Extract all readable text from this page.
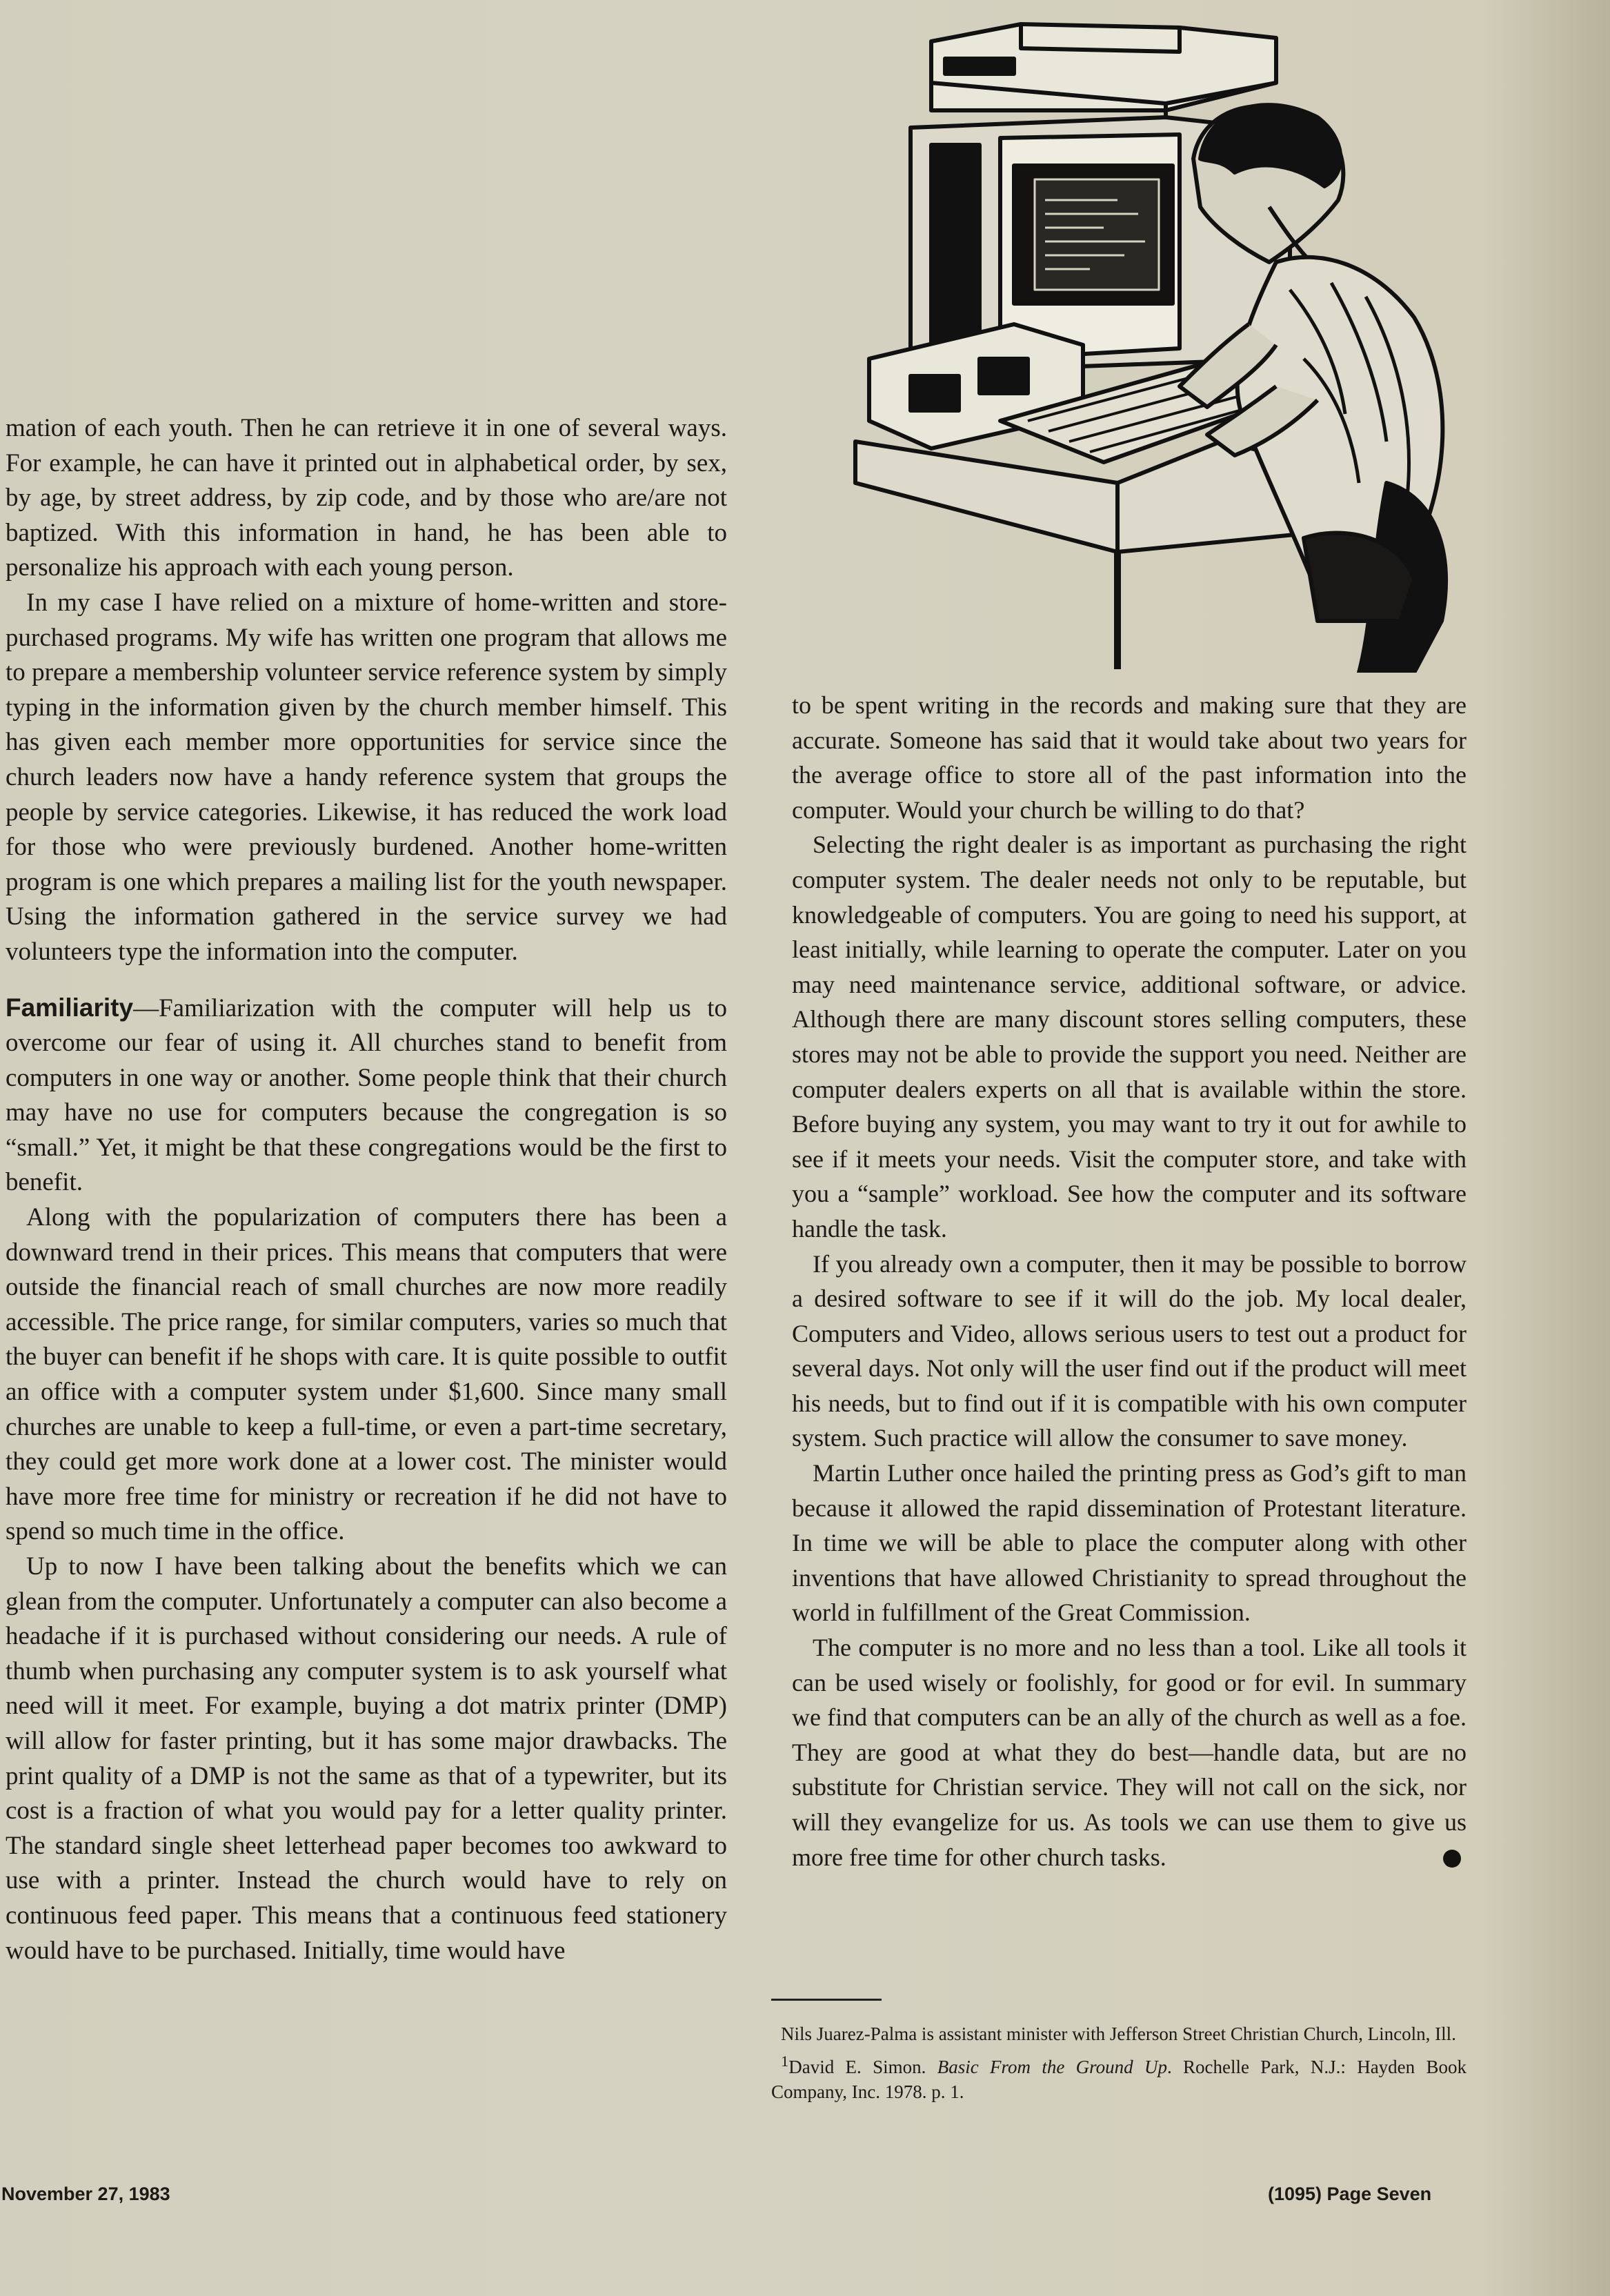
mation of each youth. Then he can retrieve it in one of several ways. For example, he can have it printed out in alphabetical order, by sex, by age, by street address, by zip code, and by those who are/are not baptized. With this information in hand, he has been able to personalize his approach with each young person.

In my case I have relied on a mixture of home-written and store-purchased programs. My wife has written one program that allows me to prepare a membership volunteer service reference system by simply typing in the information given by the church member himself. This has given each member more opportunities for service since the church leaders now have a handy reference system that groups the people by service categories. Likewise, it has reduced the work load for those who were previously burdened. Another home-written program is one which prepares a mailing list for the youth newspaper. Using the information gathered in the service survey we had volunteers type the information into the computer.

Familiarity—Familiarization with the computer will help us to overcome our fear of using it. All churches stand to benefit from computers in one way or another. Some people think that their church may have no use for computers because the congregation is so “small.” Yet, it might be that these congregations would be the first to benefit.

Along with the popularization of computers there has been a downward trend in their prices. This means that computers that were outside the financial reach of small churches are now more readily accessible. The price range, for similar computers, varies so much that the buyer can benefit if he shops with care. It is quite possible to outfit an office with a computer system under $1,600. Since many small churches are unable to keep a full-time, or even a part-time secretary, they could get more work done at a lower cost. The minister would have more free time for ministry or recreation if he did not have to spend so much time in the office.

Up to now I have been talking about the benefits which we can glean from the computer. Unfortunately a computer can also become a headache if it is purchased without considering our needs. A rule of thumb when purchasing any computer system is to ask yourself what need will it meet. For example, buying a dot matrix printer (DMP) will allow for faster printing, but it has some major drawbacks. The print quality of a DMP is not the same as that of a typewriter, but its cost is a fraction of what you would pay for a letter quality printer. The standard single sheet letterhead paper becomes too awkward to use with a printer. Instead the church would have to rely on continuous feed paper. This means that a continuous feed stationery would have to be purchased. Initially, time would have

to be spent writing in the records and making sure that they are accurate. Someone has said that it would take about two years for the average office to store all of the past information into the computer. Would your church be willing to do that?

Selecting the right dealer is as important as purchasing the right computer system. The dealer needs not only to be reputable, but knowledgeable of computers. You are going to need his support, at least initially, while learning to operate the computer. Later on you may need maintenance service, additional software, or advice. Although there are many discount stores selling computers, these stores may not be able to provide the support you need. Neither are computer dealers experts on all that is available within the store. Before buying any system, you may want to try it out for awhile to see if it meets your needs. Visit the computer store, and take with you a “sample” workload. See how the computer and its software handle the task.

If you already own a computer, then it may be possible to borrow a desired software to see if it will do the job. My local dealer, Computers and Video, allows serious users to test out a product for several days. Not only will the user find out if the product will meet his needs, but to find out if it is compatible with his own computer system. Such practice will allow the consumer to save money.

Martin Luther once hailed the printing press as God’s gift to man because it allowed the rapid dissemination of Protestant literature. In time we will be able to place the computer along with other inventions that have allowed Christianity to spread throughout the world in fulfillment of the Great Commission.

The computer is no more and no less than a tool. Like all tools it can be used wisely or foolishly, for good or for evil. In summary we find that computers can be an ally of the church as well as a foe. They are good at what they do best—handle data, but are no substitute for Christian service. They will not call on the sick, nor will they evangelize for us. As tools we can use them to give us more free time for other church tasks.

Nils Juarez-Palma is assistant minister with Jefferson Street Christian Church, Lincoln, Ill.

$^1$David E. Simon. Basic From the Ground Up. Rochelle Park, N.J.: Hayden Book Company, Inc. 1978. p. 1.

November 27, 1983	(1095) Page Seven
